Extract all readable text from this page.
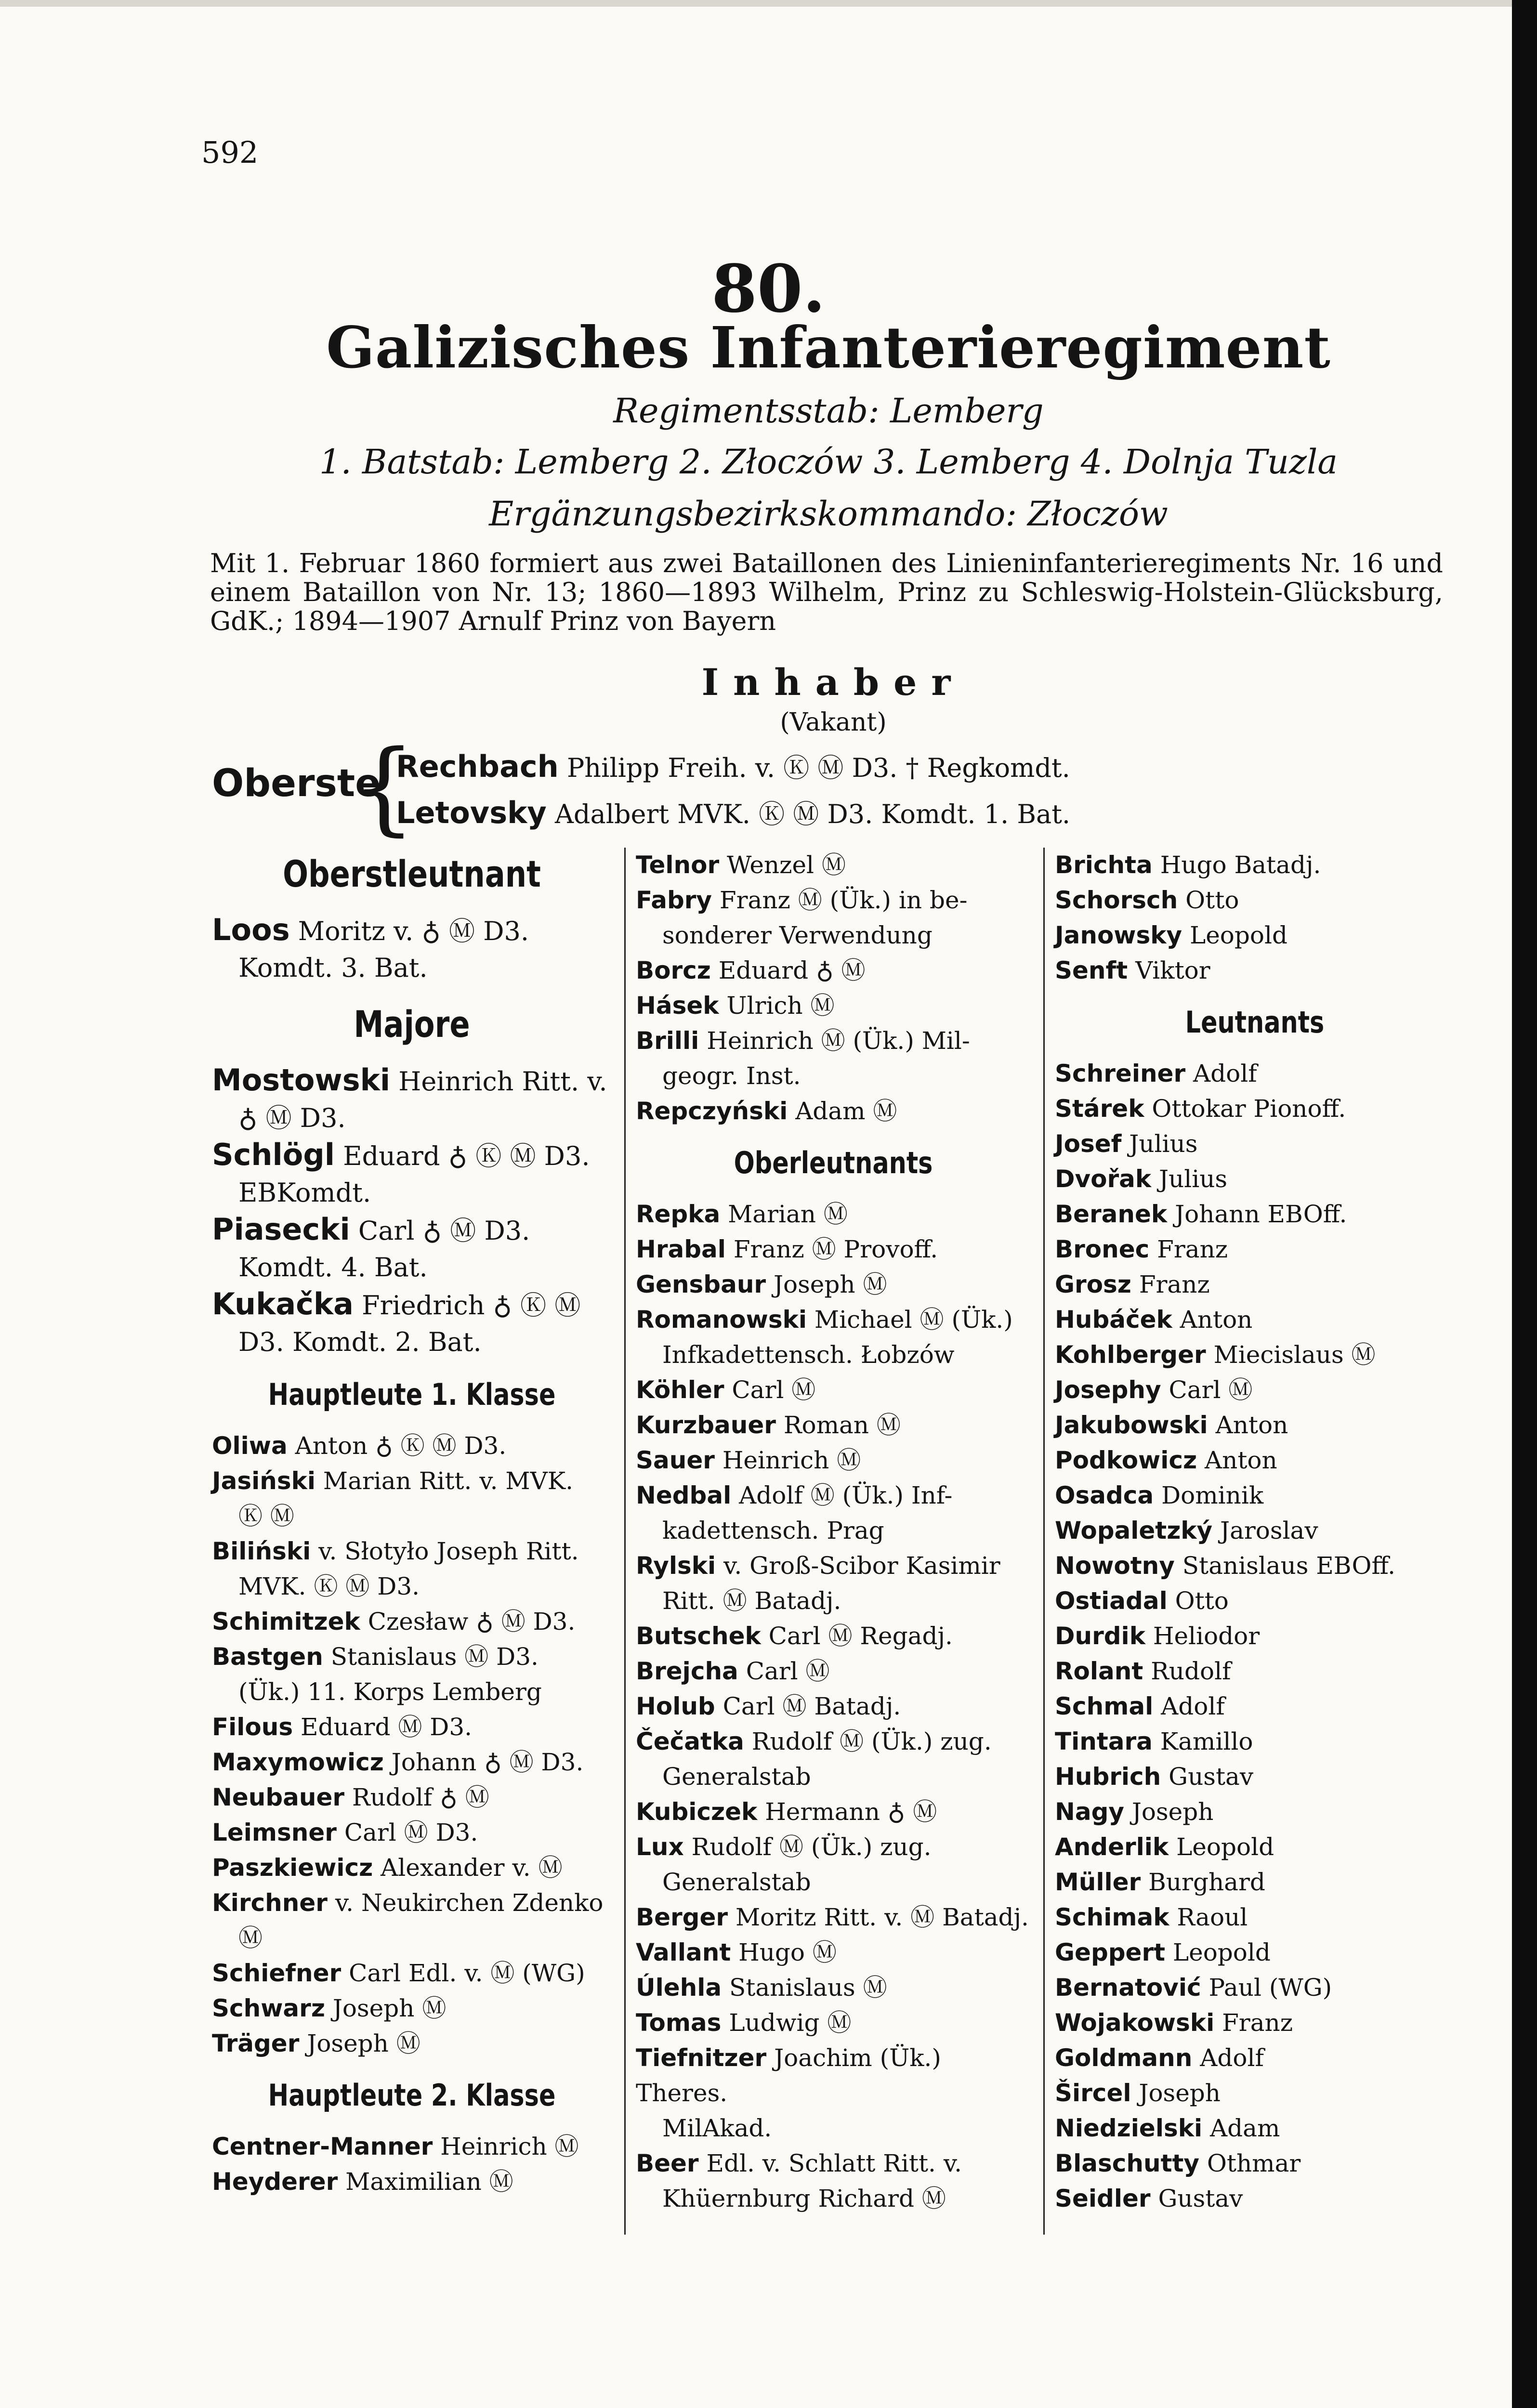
592
80.
Galizisches Infanterieregiment
Regimentsstab: Lemberg
1. Batstab: Lemberg 2. Złoczów 3. Lemberg 4. Dolnja Tuzla
Ergänzungsbezirkskommando: Złoczów
Mit 1. Februar 1860 formiert aus zwei Bataillonen des Linieninfanterieregiments Nr. 16 und einem Bataillon von Nr. 13; 1860—1893 Wilhelm, Prinz zu Schleswig-Holstein-Glücksburg, GdK.; 1894—1907 Arnulf Prinz von Bayern
Inhaber
(Vakant)
Oberste
{
Rechbach Philipp Freih. v. Ⓚ Ⓜ D3. † Regkomdt.
Letovsky Adalbert MVK. Ⓚ Ⓜ D3. Komdt. 1. Bat.
Oberstleutnant
Loos Moritz v. ♁ Ⓜ D3.
Komdt. 3. Bat.
Majore
Mostowski Heinrich Ritt. v.
♁ Ⓜ D3.
Schlögl Eduard ♁ Ⓚ Ⓜ D3.
EBKomdt.
Piasecki Carl ♁ Ⓜ D3.
Komdt. 4. Bat.
Kukačka Friedrich ♁ Ⓚ Ⓜ
D3. Komdt. 2. Bat.
Hauptleute 1. Klasse
Oliwa Anton ♁ Ⓚ Ⓜ D3.
Jasiński Marian Ritt. v. MVK.
Ⓚ Ⓜ
Biliński v. Słotyło Joseph Ritt.
MVK. Ⓚ Ⓜ D3.
Schimitzek Czesław ♁ Ⓜ D3.
Bastgen Stanislaus Ⓜ D3.
(Ük.) 11. Korps Lemberg
Filous Eduard Ⓜ D3.
Maxymowicz Johann ♁ Ⓜ D3.
Neubauer Rudolf ♁ Ⓜ
Leimsner Carl Ⓜ D3.
Paszkiewicz Alexander v. Ⓜ
Kirchner v. Neukirchen Zdenko
Ⓜ
Schiefner Carl Edl. v. Ⓜ (WG)
Schwarz Joseph Ⓜ
Träger Joseph Ⓜ
Hauptleute 2. Klasse
Centner-Manner Heinrich Ⓜ
Heyderer Maximilian Ⓜ
Telnor Wenzel Ⓜ
Fabry Franz Ⓜ (Ük.) in be-
sonderer Verwendung
Borcz Eduard ♁ Ⓜ
Hásek Ulrich Ⓜ
Brilli Heinrich Ⓜ (Ük.) Mil-
geogr. Inst.
Repczyński Adam Ⓜ
Oberleutnants
Repka Marian Ⓜ
Hrabal Franz Ⓜ Provoff.
Gensbaur Joseph Ⓜ
Romanowski Michael Ⓜ (Ük.)
Infkadettensch. Łobzów
Köhler Carl Ⓜ
Kurzbauer Roman Ⓜ
Sauer Heinrich Ⓜ
Nedbal Adolf Ⓜ (Ük.) Inf-
kadettensch. Prag
Rylski v. Groß-Scibor Kasimir
Ritt. Ⓜ Batadj.
Butschek Carl Ⓜ Regadj.
Brejcha Carl Ⓜ
Holub Carl Ⓜ Batadj.
Čečatka Rudolf Ⓜ (Ük.) zug.
Generalstab
Kubiczek Hermann ♁ Ⓜ
Lux Rudolf Ⓜ (Ük.) zug.
Generalstab
Berger Moritz Ritt. v. Ⓜ Batadj.
Vallant Hugo Ⓜ
Úlehla Stanislaus Ⓜ
Tomas Ludwig Ⓜ
Tiefnitzer Joachim (Ük.) Theres.
MilAkad.
Beer Edl. v. Schlatt Ritt. v.
Khüernburg Richard Ⓜ
Brichta Hugo Batadj.
Schorsch Otto
Janowsky Leopold
Senft Viktor
Leutnants
Schreiner Adolf
Stárek Ottokar Pionoff.
Josef Julius
Dvořak Julius
Beranek Johann EBOff.
Bronec Franz
Grosz Franz
Hubáček Anton
Kohlberger Miecislaus Ⓜ
Josephy Carl Ⓜ
Jakubowski Anton
Podkowicz Anton
Osadca Dominik
Wopaletzký Jaroslav
Nowotny Stanislaus EBOff.
Ostiadal Otto
Durdik Heliodor
Rolant Rudolf
Schmal Adolf
Tintara Kamillo
Hubrich Gustav
Nagy Joseph
Anderlik Leopold
Müller Burghard
Schimak Raoul
Geppert Leopold
Bernatović Paul (WG)
Wojakowski Franz
Goldmann Adolf
Šircel Joseph
Niedzielski Adam
Blaschutty Othmar
Seidler Gustav
